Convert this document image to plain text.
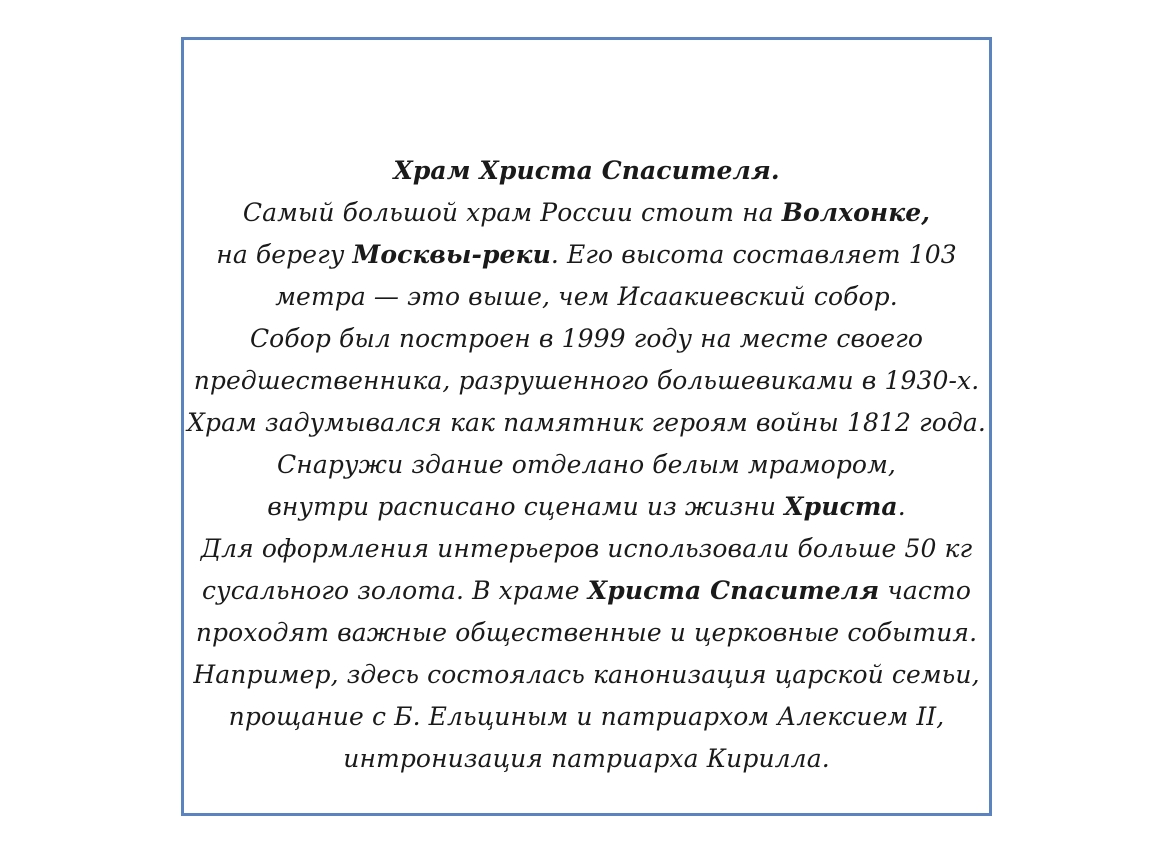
Храм Христа Спасителя.
Самый большой храм России стоит на Волхонке,
на берегу Москвы-реки. Его высота составляет 103
метра — это выше, чем Исаакиевский собор.
Собор был построен в 1999 году на месте своего
предшественника, разрушенного большевиками в 1930-х.
Храм задумывался как памятник героям войны 1812 года.
Снаружи здание отделано белым мрамором,
внутри расписано сценами из жизни Христа.
Для оформления интерьеров использовали больше 50 кг
сусального золота. В храме Христа Спасителя часто
проходят важные общественные и церковные события.
Например, здесь состоялась канонизация царской семьи,
прощание с Б. Ельциным и патриархом Алексием II,
интронизация патриарха Кирилла.
